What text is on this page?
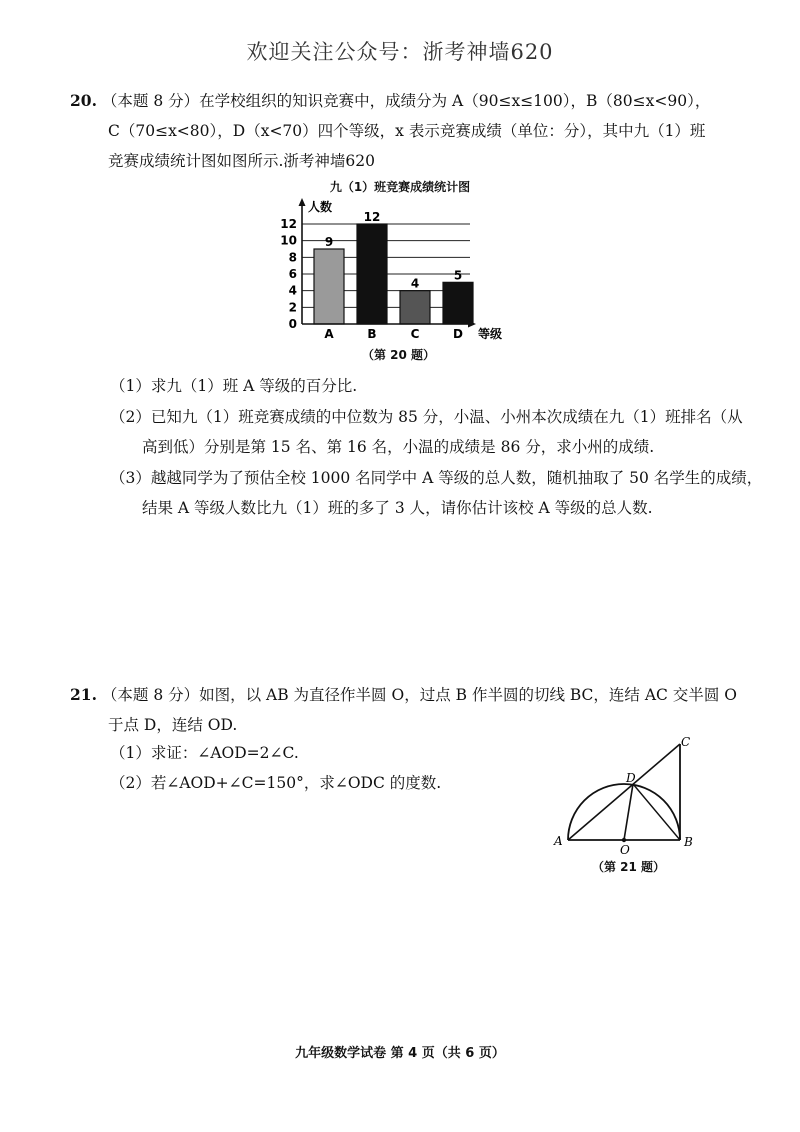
欢迎关注公众号：浙考神墙620
20. （本题 8 分）在学校组织的知识竞赛中，成绩分为 A（90≤x≤100），B（80≤x<90），
C（70≤x<80），D（x<70）四个等级，x 表示竞赛成绩（单位：分），其中九（1）班
竞赛成绩统计图如图所示.浙考神墙620
九（1）班竞赛成绩统计图
0
2
4
6
8
10
12
9
12
4
5
A	B	C	D
人数
等级
（第 20 题）
（1）求九（1）班 A 等级的百分比.
（2）已知九（1）班竞赛成绩的中位数为 85 分，小温、小州本次成绩在九（1）班排名（从
高到低）分别是第 15 名、第 16 名，小温的成绩是 86 分，求小州的成绩.
（3）越越同学为了预估全校 1000 名同学中 A 等级的总人数，随机抽取了 50 名学生的成绩，
结果 A 等级人数比九（1）班的多了 3 人，请你估计该校 A 等级的总人数.
21. （本题 8 分）如图，以 AB 为直径作半圆 O，过点 B 作半圆的切线 BC，连结 AC 交半圆 O
于点 D，连结 OD.
（1）求证：∠AOD=2∠C.
（2）若∠AOD+∠C=150°，求∠ODC 的度数.
A	B
C
D
O
（第 21 题）
九年级数学试卷 第 4 页（共 6 页）
